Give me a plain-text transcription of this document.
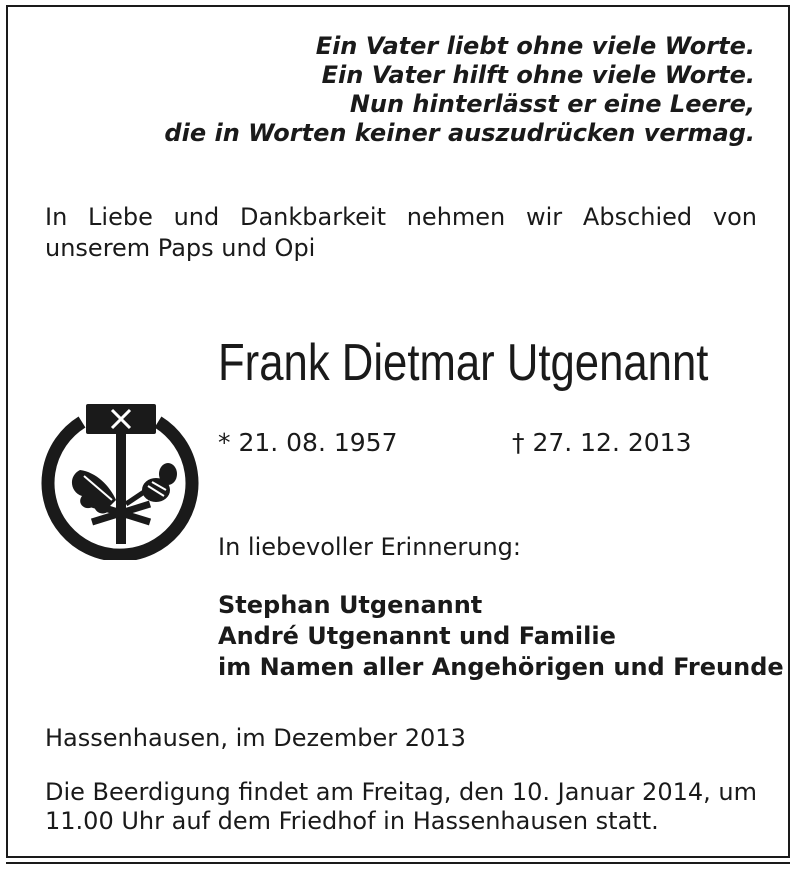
Ein Vater liebt ohne viele Worte.
Ein Vater hilft ohne viele Worte.
Nun hinterlässt er eine Leere,
die in Worten keiner auszudrücken vermag.
In Liebe und Dankbarkeit nehmen wir Abschied von unserem Paps und Opi
Frank Dietmar Utgenannt
* 21. 08. 1957	† 27. 12. 2013
In liebevoller Erinnerung:
Stephan Utgenannt
André Utgenannt und Familie
im Namen aller Angehörigen und Freunde
Hassenhausen, im Dezember 2013
Die Beerdigung findet am Freitag, den 10. Januar 2014, um 11.00 Uhr auf dem Friedhof in Hassenhausen statt.
